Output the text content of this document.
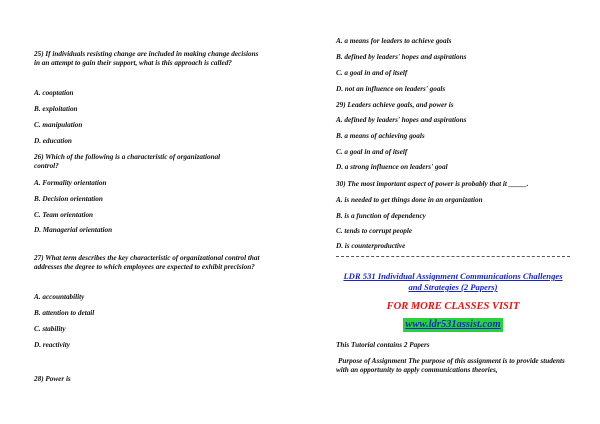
25) If individuals resisting change are included in making change decisions in an attempt to gain their support, what is this approach is called?
A. cooptation
B. exploitation
C. manipulation
D. education
26) Which of the following is a characteristic of organizational control?
A. Formality orientation
B. Decision orientation
C. Team orientation
D. Managerial orientation
27) What term describes the key characteristic of organizational control that addresses the degree to which employees are expected to exhibit precision?
A. accountability
B. attention to detail
C. stability
D. reactivity
28) Power is
A. a means for leaders to achieve goals
B. defined by leaders' hopes and aspirations
C. a goal in and of itself
D. not an influence on leaders' goals
29) Leaders achieve goals, and power is
A. defined by leaders' hopes and aspirations
B. a means of achieving goals
C. a goal in and of itself
D. a strong influence on leaders' goal
30) The most important aspect of power is probably that it _____.
A. is needed to get things done in an organization
B. is a function of dependency
C. tends to corrupt people
D. is counterproductive
LDR 531 Individual Assignment Communications Challenges and Strategies (2 Papers)
FOR MORE CLASSES VISIT
www.ldr531assist.com
This Tutorial contains 2 Papers
Purpose of Assignment The purpose of this assignment is to provide students with an opportunity to apply communications theories,
